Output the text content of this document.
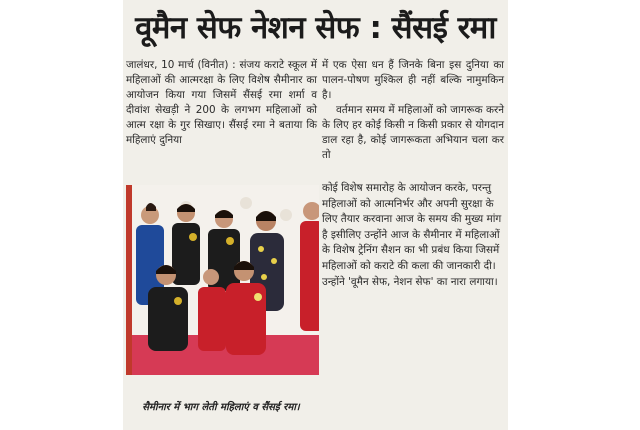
वूमैन सेफ नेशन सेफ : सैंसई रमा

जालंधर, 10 मार्च (विनीत) : संजय कराटे स्कूल में महिलाओं की आत्मरक्षा के लिए विशेष सैमीनार का आयोजन किया गया जिसमें सैंसई रमा शर्मा व दीवांश सेखड़ी ने 200 के लगभग महिलाओं को आत्म रक्षा के गुर सिखाए। सैंसई रमा ने बताया कि महिलाएं दुनिया

में एक ऐसा धन हैं जिनके बिना इस दुनिया का पालन-पोषण मुश्किल ही नहीं बल्कि नामुमकिन है।

वर्तमान समय में महिलाओं को जागरूक करने के लिए हर कोई किसी न किसी प्रकार से योगदान डाल रहा है, कोई जागरूकता अभियान चला कर तो

कोई विशेष समारोह के आयोजन करके, परन्तु महिलाओं को आत्मनिर्भर और अपनी सुरक्षा के लिए तैयार करवाना आज के समय की मुख्य मांग है इसीलिए उन्होंने आज के सैमीनार में महिलाओं के विशेष ट्रेनिंग सैशन का भी प्रबंध किया जिसमें महिलाओं को कराटे की कला की जानकारी दी। उन्होंने 'वूमैन सेफ, नेशन सेफ' का नारा लगाया।

सैमीनार में भाग लेती महिलाएं व सैंसई रमा।
